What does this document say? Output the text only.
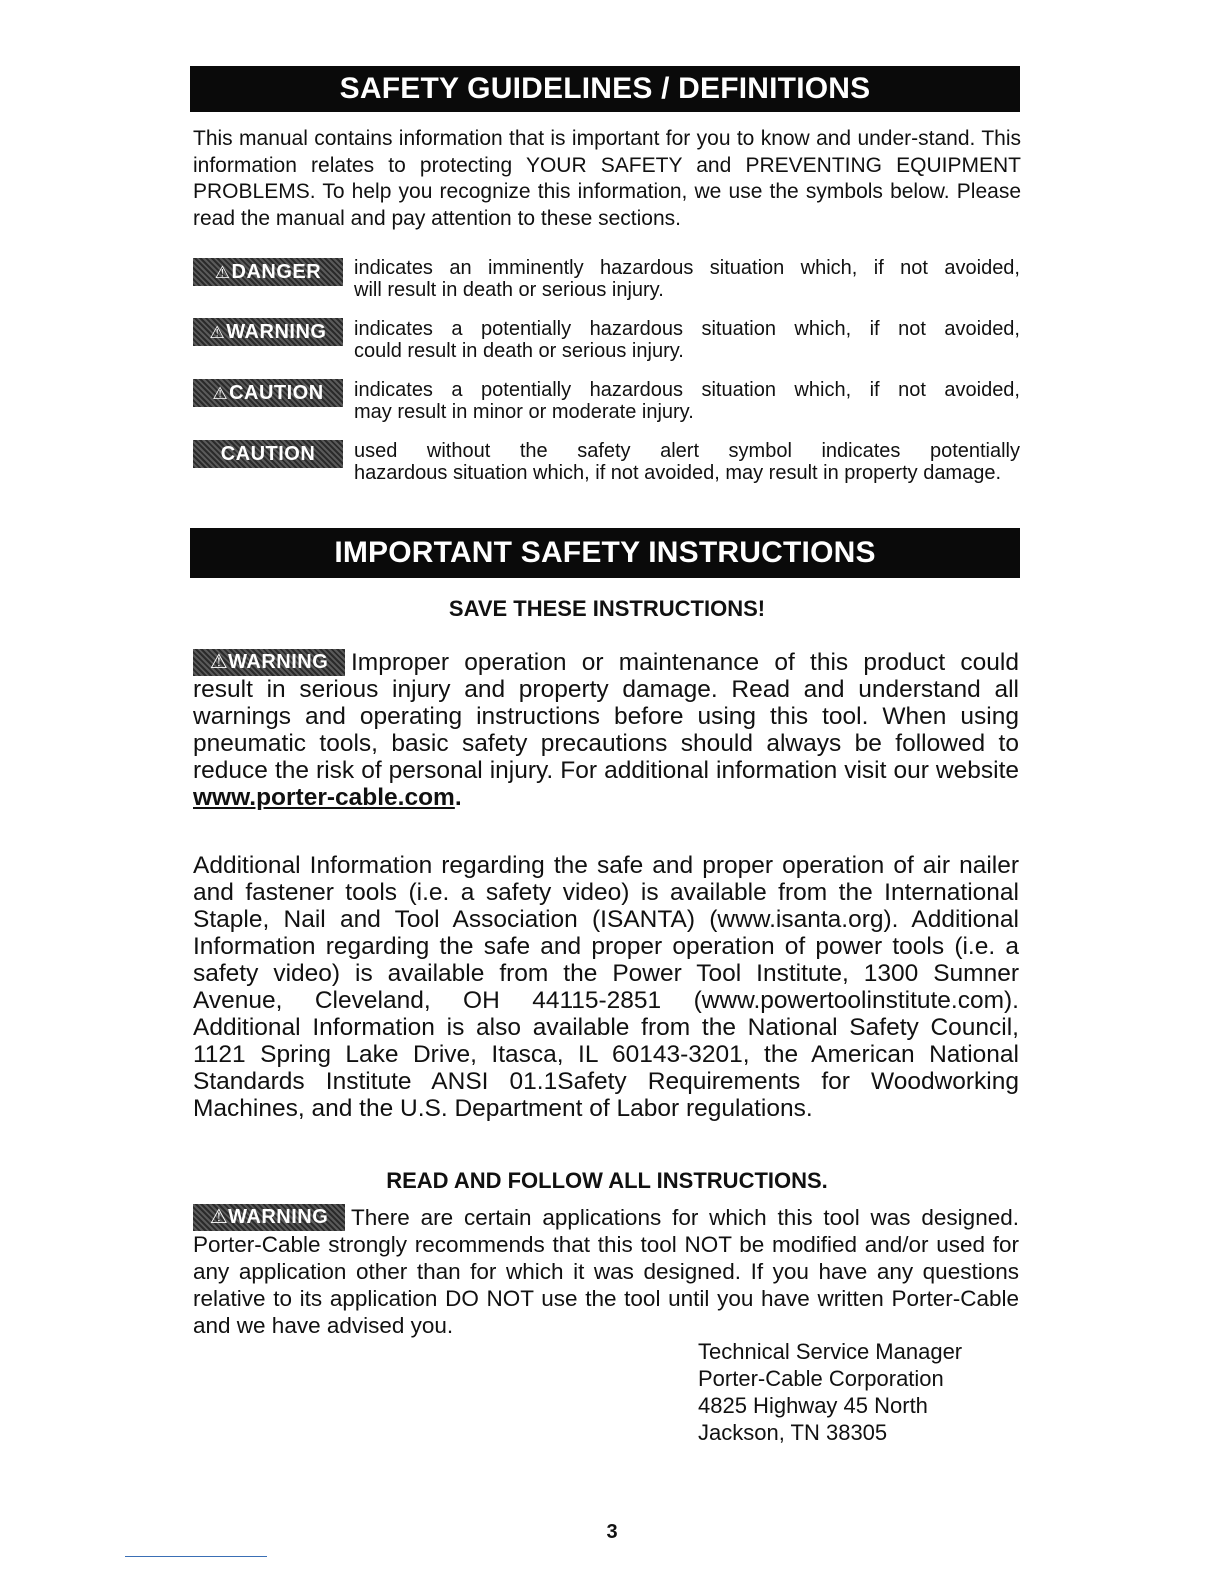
SAFETY GUIDELINES / DEFINITIONS

This manual contains information that is important for you to know and under-stand. This information relates to protecting YOUR SAFETY and PREVENTING EQUIPMENT PROBLEMS. To help you recognize this information, we use the symbols below. Please read the manual and pay attention to these sections.

⚠DANGER	indicates an imminently hazardous situation which, if not avoided,
will result in death or serious injury.

⚠WARNING	indicates a potentially hazardous situation which, if not avoided,
could result in death or serious injury.

⚠CAUTION	indicates a potentially hazardous situation which, if not avoided,
may result in minor or moderate injury.

CAUTION	used without the safety alert symbol indicates potentially
hazardous situation which, if not avoided, may result in property damage.

IMPORTANT SAFETY INSTRUCTIONS

SAVE THESE INSTRUCTIONS!

⚠WARNING Improper operation or maintenance of this product could result in serious injury and property damage. Read and understand all warnings and operating instructions before using this tool. When using pneumatic tools, basic safety precautions should always be followed to reduce the risk of personal injury. For additional information visit our website www.porter-cable.com.

Additional Information regarding the safe and proper operation of air nailer and fastener tools (i.e. a safety video) is available from the International Staple, Nail and Tool Association (ISANTA) (www.isanta.org). Additional Information regarding the safe and proper operation of power tools (i.e. a safety video) is available from the Power Tool Institute, 1300 Sumner Avenue, Cleveland, OH 44115-2851 (www.powertoolinstitute.com). Additional Information is also available from the National Safety Council, 1121 Spring Lake Drive, Itasca, IL 60143-3201, the American National Standards Institute ANSI 01.1Safety Requirements for Woodworking Machines, and the U.S. Department of Labor regulations.

READ AND FOLLOW ALL INSTRUCTIONS.

⚠WARNING There are certain applications for which this tool was designed. Porter-Cable strongly recommends that this tool NOT be modified and/or used for any application other than for which it was designed. If you have any questions relative to its application DO NOT use the tool until you have written Porter-Cable and we have advised you.

Technical Service Manager
Porter-Cable Corporation
4825 Highway 45 North
Jackson, TN 38305
3
